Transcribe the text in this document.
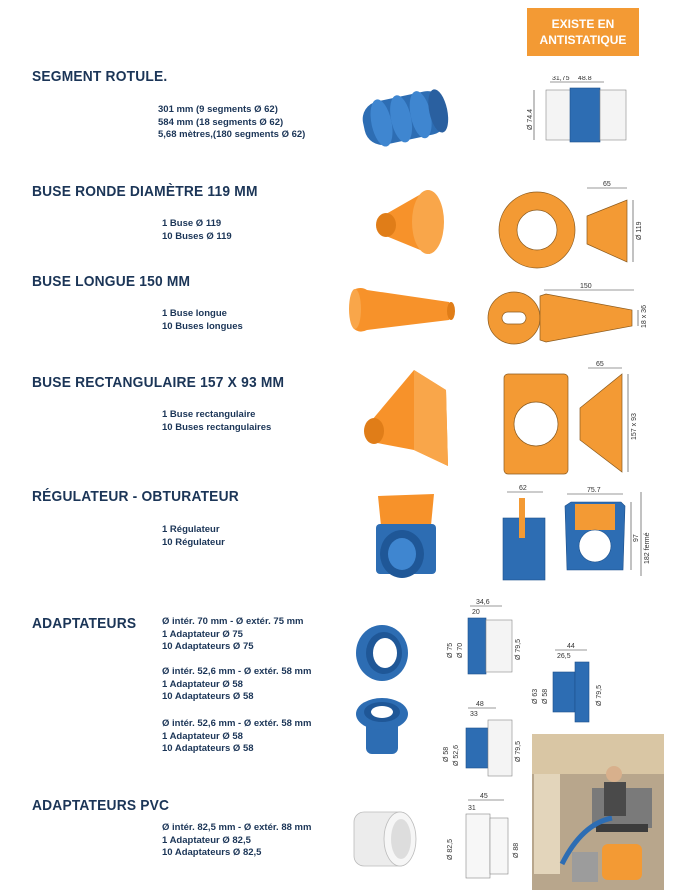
EXISTE EN
ANTISTATIQUE
SEGMENT ROTULE.
301 mm (9 segments Ø 62)
584 mm (18 segments Ø 62)
5,68 mètres,(180 segments Ø 62)
31,75 48.8
Ø 74.4
BUSE RONDE DIAMÈTRE 119 MM
1 Buse Ø 119
10 Buses Ø 119
65
Ø 119
BUSE LONGUE 150 MM
1 Buse longue
10 Buses longues
150
18 x 36
BUSE RECTANGULAIRE 157 X 93 MM
1 Buse rectangulaire
10 Buses rectangulaires
65
157 x 93
RÉGULATEUR - OBTURATEUR
1 Régulateur
10 Régulateur
62	75.7
97 182 fermé
ADAPTATEURS	Ø intér. 70 mm - Ø extér. 75 mm
1 Adaptateur Ø 75
10 Adaptateurs Ø 75
Ø intér. 52,6 mm - Ø extér. 58 mm
1 Adaptateur Ø 58
10 Adaptateurs Ø 58
Ø intér. 52,6 mm - Ø extér. 58 mm
1 Adaptateur Ø 58
10 Adaptateurs Ø 58
34,6
20
Ø 75 Ø 70	Ø 79,5	44
26,5
Ø 63 Ø 58	Ø 79,5
48
33
Ø 58 Ø 52,6	Ø 79,5
ADAPTATEURS PVC
Ø intér. 82,5 mm - Ø extér. 88 mm
1 Adaptateur Ø 82,5
10 Adaptateurs Ø 82,5
45
31
Ø 82,5	Ø 88
